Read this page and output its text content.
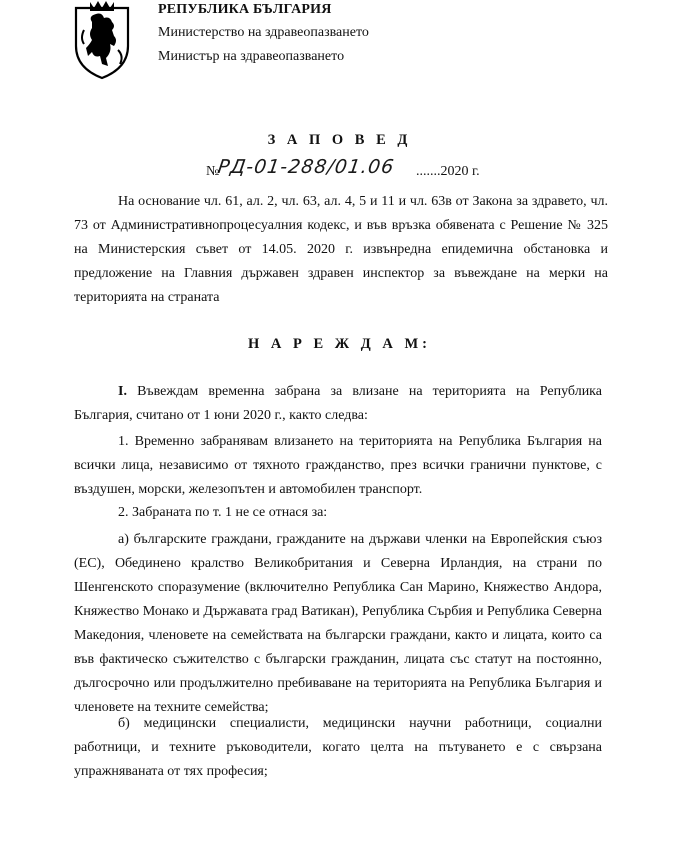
РЕПУБЛИКА БЪЛГАРИЯ
Министерство на здравеопазването
Министър на здравеопазването
З А П О В Е Д
№
РД-01-288/01.06 .......2020 г.

На основание чл. 61, ал. 2, чл. 63, ал. 4, 5 и 11 и чл. 63в от Закона за здравето, чл. 73 от Административнопроцесуалния кодекс, и във връзка обявената с Решение № 325 на Министерския съвет от 14.05. 2020 г. извънредна епидемична обстановка и предложение на Главния държавен здравен инспектор за въвеждане на мерки на територията на страната

Н А Р Е Ж Д А М:

I. Въвеждам временна забрана за влизане на територията на Република България, считано от 1 юни 2020 г., както следва:

1. Временно забранявам влизането на територията на Република България на всички лица, независимо от тяхното гражданство, през всички гранични пунктове, с въздушен, морски, железопътен и автомобилен транспорт.

2. Забраната по т. 1 не се отнася за:

а) българските граждани, гражданите на държави членки на Европейския съюз (ЕС), Обединено кралство Великобритания и Северна Ирландия, на страни по Шенгенското споразумение (включително Република Сан Марино, Княжество Андора, Княжество Монако и Държавата град Ватикан), Република Сърбия и Република Северна Македония, членовете на семействата на български граждани, както и лицата, които са във фактическо съжителство с български гражданин, лицата със статут на постоянно, дългосрочно или продължително пребиваване на територията на Република България и членовете на техните семейства;

б) медицински специалисти, медицински научни работници, социални работници, и техните ръководители, когато целта на пътуването е с свързана упражняваната от тях професия;
